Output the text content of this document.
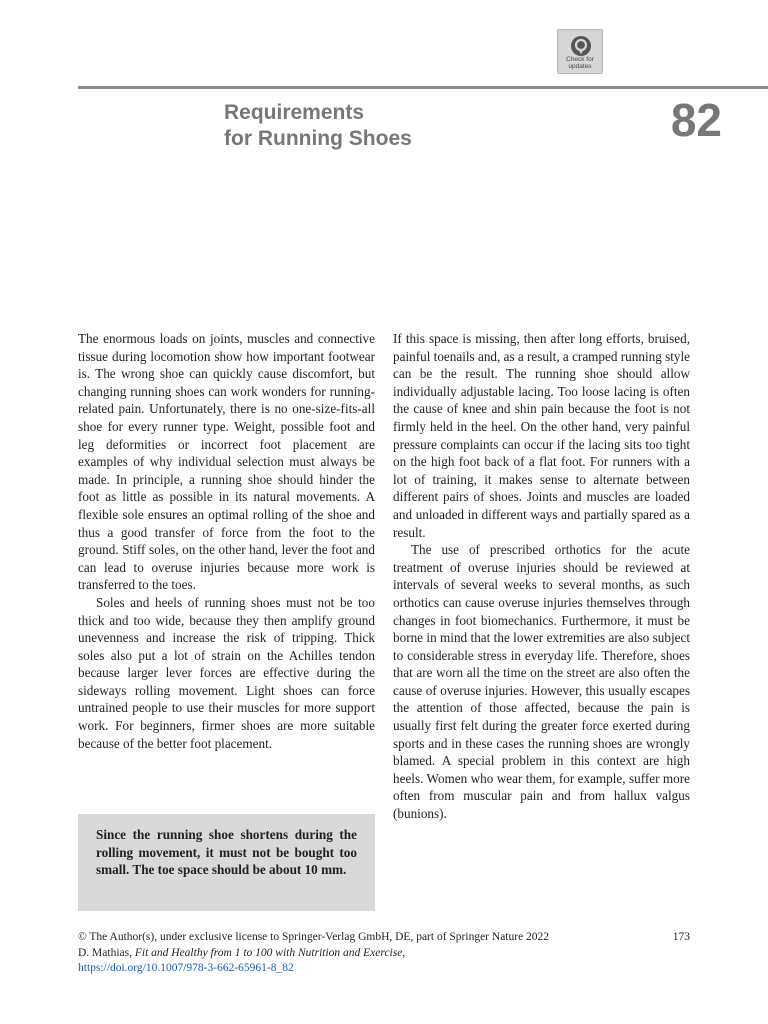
Check for
updates
Requirements
for Running Shoes	82

The enormous loads on joints, muscles and connective tissue during locomotion show how important footwear is. The wrong shoe can quickly cause discomfort, but changing running shoes can work wonders for running-related pain. Unfortunately, there is no one-size-fits-all shoe for every runner type. Weight, possible foot and leg deformities or incorrect foot placement are examples of why individual selection must always be made. In principle, a running shoe should hinder the foot as little as possible in its natural movements. A flexible sole ensures an optimal rolling of the shoe and thus a good transfer of force from the foot to the ground. Stiff soles, on the other hand, lever the foot and can lead to overuse injuries because more work is transferred to the toes.

Soles and heels of running shoes must not be too thick and too wide, because they then amplify ground unevenness and increase the risk of tripping. Thick soles also put a lot of strain on the Achilles tendon because larger lever forces are effective during the sideways rolling movement. Light shoes can force untrained people to use their muscles for more support work. For beginners, firmer shoes are more suitable because of the better foot placement.

Since the running shoe shortens during the rolling movement, it must not be bought too small. The toe space should be about 10 mm.

If this space is missing, then after long efforts, bruised, painful toenails and, as a result, a cramped running style can be the result. The running shoe should allow individually adjustable lacing. Too loose lacing is often the cause of knee and shin pain because the foot is not firmly held in the heel. On the other hand, very painful pressure complaints can occur if the lacing sits too tight on the high foot back of a flat foot. For runners with a lot of training, it makes sense to alternate between different pairs of shoes. Joints and muscles are loaded and unloaded in different ways and partially spared as a result.

The use of prescribed orthotics for the acute treatment of overuse injuries should be reviewed at intervals of several weeks to several months, as such orthotics can cause overuse injuries themselves through changes in foot biomechanics. Furthermore, it must be borne in mind that the lower extremities are also subject to considerable stress in everyday life. Therefore, shoes that are worn all the time on the street are also often the cause of overuse injuries. However, this usually escapes the attention of those affected, because the pain is usually first felt during the greater force exerted during sports and in these cases the running shoes are wrongly blamed. A special problem in this context are high heels. Women who wear them, for example, suffer more often from muscular pain and from hallux valgus (bunions).

© The Author(s), under exclusive license to Springer-Verlag GmbH, DE, part of Springer Nature 2022
D. Mathias, Fit and Healthy from 1 to 100 with Nutrition and Exercise,
https://doi.org/10.1007/978-3-662-65961-8_82
173
